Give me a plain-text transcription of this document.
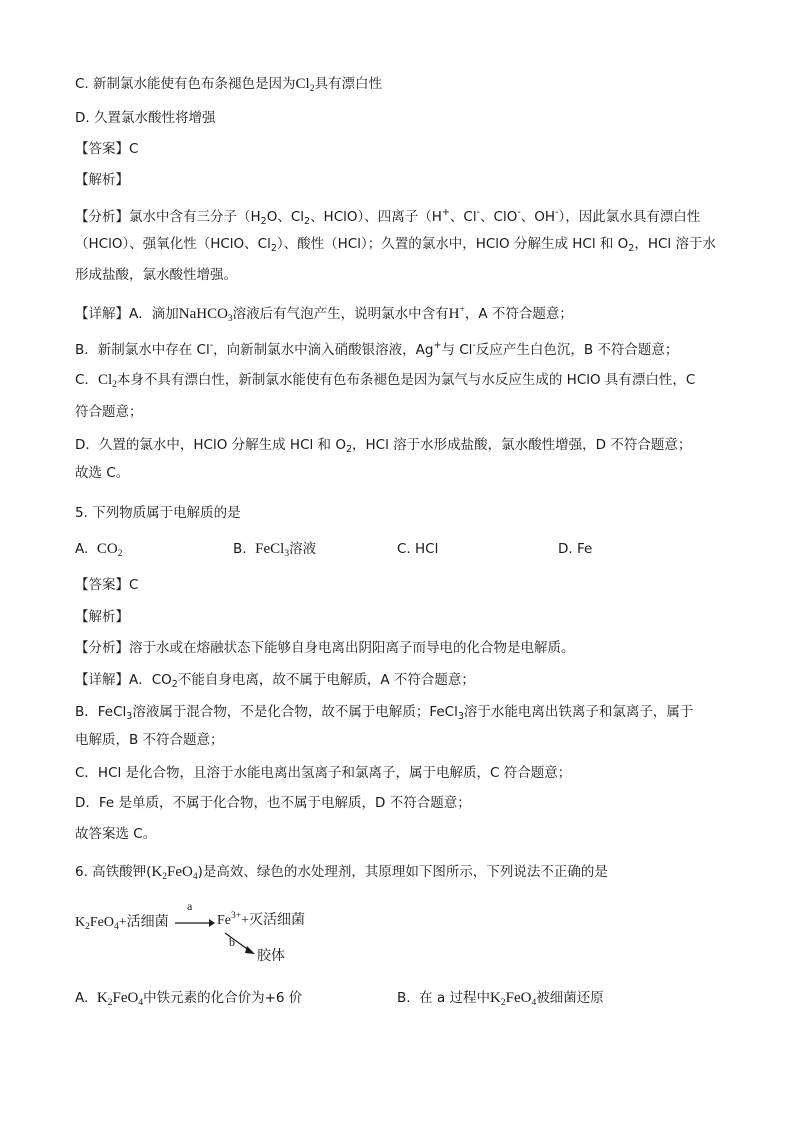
C. 新制氯水能使有色布条褪色是因为$Cl_2$具有漂白性
D. 久置氯水酸性将增强
【答案】C
【解析】
【分析】氯水中含有三分子（$H_2O$、$Cl_2$、HClO）、四离子（H+、Cl-、ClO-、OH-），因此氯水具有漂白性
（HClO）、强氧化性（HClO、$Cl_2$）、酸性（HCl）；久置的氯水中，HClO 分解生成 HCl 和 $O_2$，HCl 溶于水
形成盐酸，氯水酸性增强。
【详解】A．滴加NaHCO$_3$溶液后有气泡产生，说明氯水中含有H+，A 不符合题意；
B．新制氯水中存在 Cl-，向新制氯水中滴入硝酸银溶液，Ag+与 Cl-反应产生白色沉，B 不符合题意；
C．$Cl_2$本身不具有漂白性，新制氯水能使有色布条褪色是因为氯气与水反应生成的 HClO 具有漂白性，C
符合题意；
D．久置的氯水中，HClO 分解生成 HCl 和 $O_2$，HCl 溶于水形成盐酸，氯水酸性增强，D 不符合题意；
故选 C。
5. 下列物质属于电解质的是
A. $CO_2$	B. FeCl$_3$溶液	C. HCl	D. Fe
【答案】C
【解析】
【分析】溶于水或在熔融状态下能够自身电离出阴阳离子而导电的化合物是电解质。
【详解】A．$CO_2$不能自身电离，故不属于电解质，A 不符合题意；
B．FeCl$_3$溶液属于混合物，不是化合物，故不属于电解质；FeCl$_3$溶于水能电离出铁离子和氯离子，属于
电解质，B 不符合题意；
C．HCl 是化合物，且溶于水能电离出氢离子和氯离子，属于电解质，C 符合题意；
D．Fe 是单质，不属于化合物，也不属于电解质，D 不符合题意；
故答案选 C。
6. 高铁酸钾$(K_2FeO_4)$是高效、绿色的水处理剂，其原理如下图所示，下列说法不正确的是
$K_2FeO_4+$活细菌
a
$Fe^{3+}+$灭活细菌
b
胶体
A. $K_2FeO_4$中铁元素的化合价为+6 价	B. 在 a 过程中$K_2FeO_4$被细菌还原
